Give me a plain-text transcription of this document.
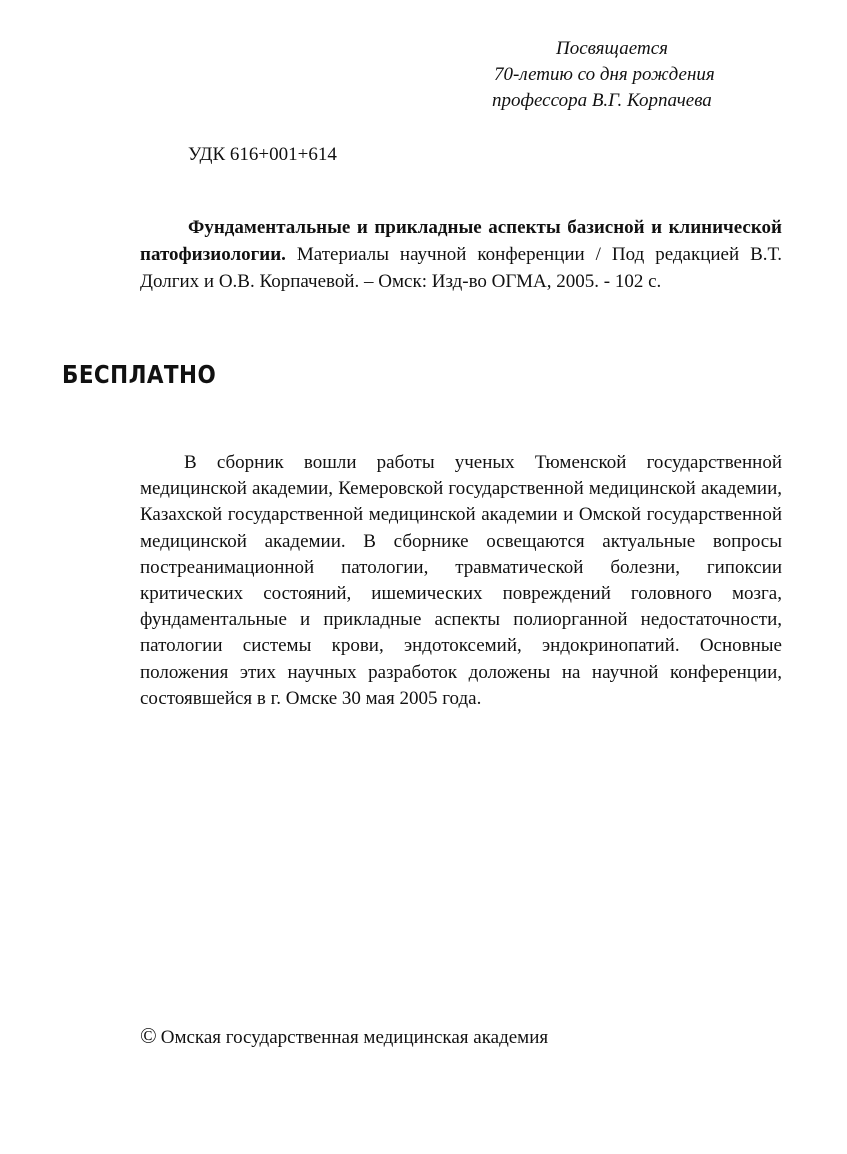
Посвящается
70-летию со дня рождения
профессора В.Г. Корпачева
УДК 616+001+614
Фундаментальные и прикладные аспекты базисной и клинической патофизиологии. Материалы научной конференции / Под редакцией В.Т. Долгих и О.В. Корпачевой. – Омск: Изд-во ОГМА, 2005. - 102 с.
БЕСПЛАТНО
В сборник вошли работы ученых Тюменской государственной медицинской академии, Кемеровской государственной медицинской академии, Казахской государственной медицинской академии и Омской государственной медицинской академии. В сборнике освещаются актуальные вопросы постреанимационной патологии, травматической болезни, гипоксии критических состояний, ишемических повреждений головного мозга, фундаментальные и прикладные аспекты полиорганной недостаточности, патологии системы крови, эндотоксемий, эндокринопатий. Основные положения этих научных разработок доложены на научной конференции, состоявшейся в г. Омске 30 мая 2005 года.
© Омская государственная медицинская академия
